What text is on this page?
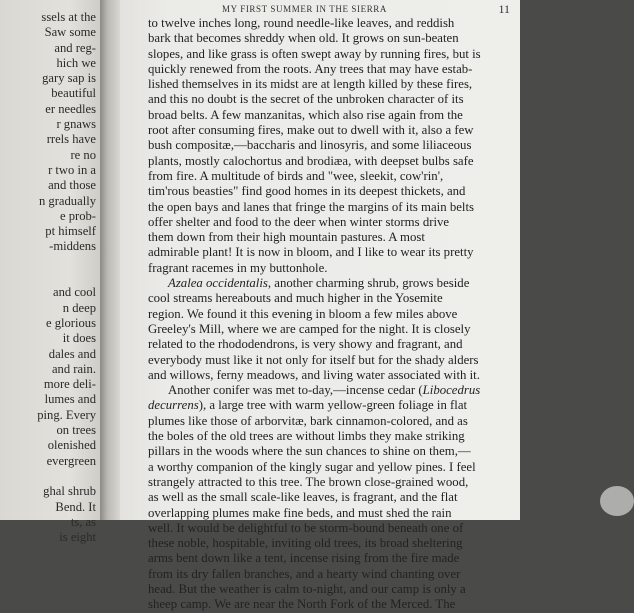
ssels at the
Saw some
and reg-
hich we
gary sap is
beautiful
er needles
r gnaws
rrels have
re no
r two in a
and those
n gradually
e prob-
pt himself
-middens

and cool
n deep
e glorious
it does
dales and
and rain.
more deli-
lumes and
ping. Every
on trees
olenished
evergreen

ghal shrub
Bend. It
ts, as
is eight
MY FIRST SUMMER IN THE SIERRA	11
to twelve inches long, round needle-like leaves, and reddish
bark that becomes shreddy when old. It grows on sun-beaten
slopes, and like grass is often swept away by running fires, but is
quickly renewed from the roots. Any trees that may have estab-
lished themselves in its midst are at length killed by these fires,
and this no doubt is the secret of the unbroken character of its
broad belts. A few manzanitas, which also rise again from the
root after consuming fires, make out to dwell with it, also a few
bush compositæ,—baccharis and linosyris, and some liliaceous
plants, mostly calochortus and brodiæa, with deepset bulbs safe
from fire. A multitude of birds and "wee, sleekit, cow'rin',
tim'rous beasties" find good homes in its deepest thickets, and
the open bays and lanes that fringe the margins of its main belts
offer shelter and food to the deer when winter storms drive
them down from their high mountain pastures. A most
admirable plant! It is now in bloom, and I like to wear its pretty
fragrant racemes in my buttonhole.
Azalea occidentalis, another charming shrub, grows beside
cool streams hereabouts and much higher in the Yosemite
region. We found it this evening in bloom a few miles above
Greeley's Mill, where we are camped for the night. It is closely
related to the rhododendrons, is very showy and fragrant, and
everybody must like it not only for itself but for the shady alders
and willows, ferny meadows, and living water associated with it.
Another conifer was met to-day,—incense cedar (Libocedrus
decurrens), a large tree with warm yellow-green foliage in flat
plumes like those of arborvitæ, bark cinnamon-colored, and as
the boles of the old trees are without limbs they make striking
pillars in the woods where the sun chances to shine on them,—
a worthy companion of the kingly sugar and yellow pines. I feel
strangely attracted to this tree. The brown close-grained wood,
as well as the small scale-like leaves, is fragrant, and the flat
overlapping plumes make fine beds, and must shed the rain
well. It would be delightful to be storm-bound beneath one of
these noble, hospitable, inviting old trees, its broad sheltering
arms bent down like a tent, incense rising from the fire made
from its dry fallen branches, and a hearty wind chanting over
head. But the weather is calm to-night, and our camp is only a
sheep camp. We are near the North Fork of the Merced. The
